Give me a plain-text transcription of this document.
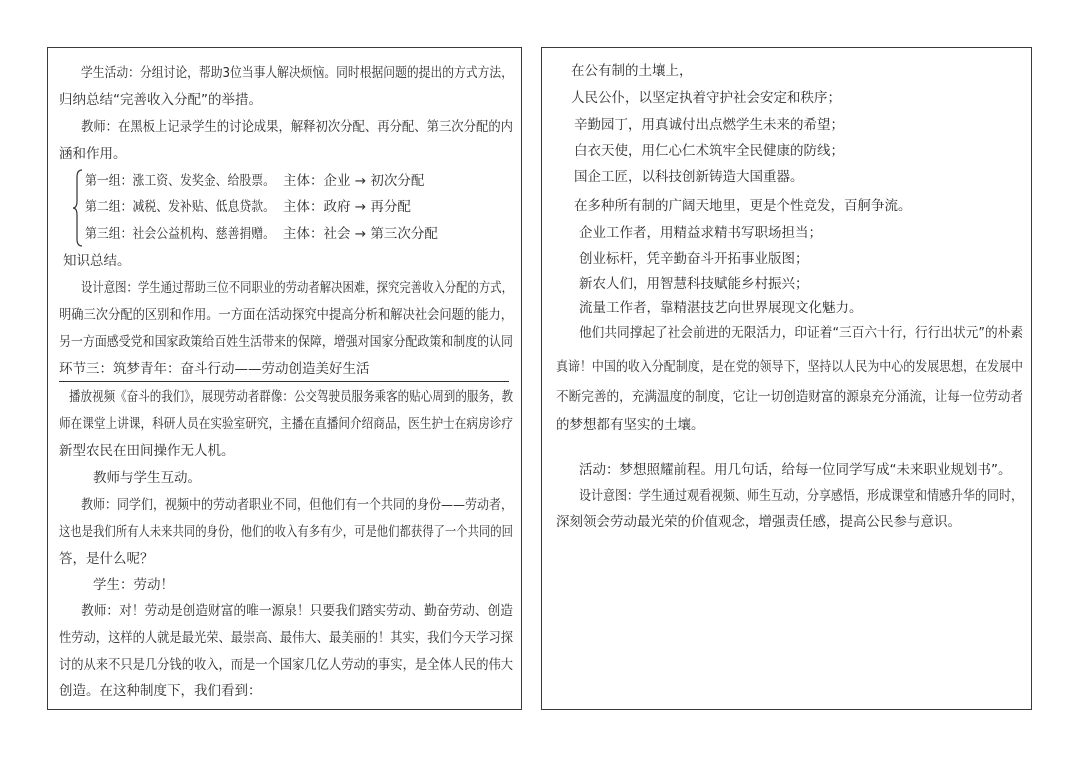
学生活动：分组讨论，帮助3位当事人解决烦恼。同时根据问题的提出的方式方法，
归纳总结“完善收入分配”的举措。
教师：在黑板上记录学生的讨论成果，解释初次分配、再分配、第三次分配的内
涵和作用。
第一组：涨工资、发奖金、给股票。 主体：企业 → 初次分配
第二组：减税、发补贴、低息贷款。 主体：政府 → 再分配
第三组：社会公益机构、慈善捐赠。 主体：社会 → 第三次分配
知识总结。
设计意图：学生通过帮助三位不同职业的劳动者解决困难，探究完善收入分配的方式，
明确三次分配的区别和作用。一方面在活动探究中提高分析和解决社会问题的能力，
另一方面感受党和国家政策给百姓生活带来的保障，增强对国家分配政策和制度的认同
环节三：筑梦青年：奋斗行动——劳动创造美好生活
播放视频《奋斗的我们》，展现劳动者群像：公交驾驶员服务乘客的贴心周到的服务，教
师在课堂上讲课，科研人员在实验室研究，主播在直播间介绍商品，医生护士在病房诊疗
新型农民在田间操作无人机。
教师与学生互动。
教师：同学们，视频中的劳动者职业不同，但他们有一个共同的身份——劳动者，
这也是我们所有人未来共同的身份，他们的收入有多有少，可是他们都获得了一个共同的回
答，是什么呢？
学生：劳动！
教师：对！劳动是创造财富的唯一源泉！只要我们踏实劳动、勤奋劳动、创造
性劳动，这样的人就是最光荣、最崇高、最伟大、最美丽的！其实，我们今天学习探
讨的从来不只是几分钱的收入，而是一个国家几亿人劳动的事实，是全体人民的伟大
创造。在这种制度下，我们看到：
在公有制的土壤上，
人民公仆，以坚定执着守护社会安定和秩序；
辛勤园丁，用真诚付出点燃学生未来的希望；
白衣天使，用仁心仁术筑牢全民健康的防线；
国企工匠，以科技创新铸造大国重器。
在多种所有制的广阔天地里，更是个性竞发，百舸争流。
企业工作者，用精益求精书写职场担当；
创业标杆，凭辛勤奋斗开拓事业版图；
新农人们，用智慧科技赋能乡村振兴；
流量工作者，靠精湛技艺向世界展现文化魅力。
他们共同撑起了社会前进的无限活力，印证着“三百六十行，行行出状元”的朴素
真谛！中国的收入分配制度，是在党的领导下，坚持以人民为中心的发展思想，在发展中
不断完善的，充满温度的制度，它让一切创造财富的源泉充分涌流，让每一位劳动者
的梦想都有坚实的土壤。
活动：梦想照耀前程。用几句话，给每一位同学写成“未来职业规划书”。
设计意图：学生通过观看视频、师生互动，分享感悟，形成课堂和情感升华的同时，
深刻领会劳动最光荣的价值观念，增强责任感，提高公民参与意识。
